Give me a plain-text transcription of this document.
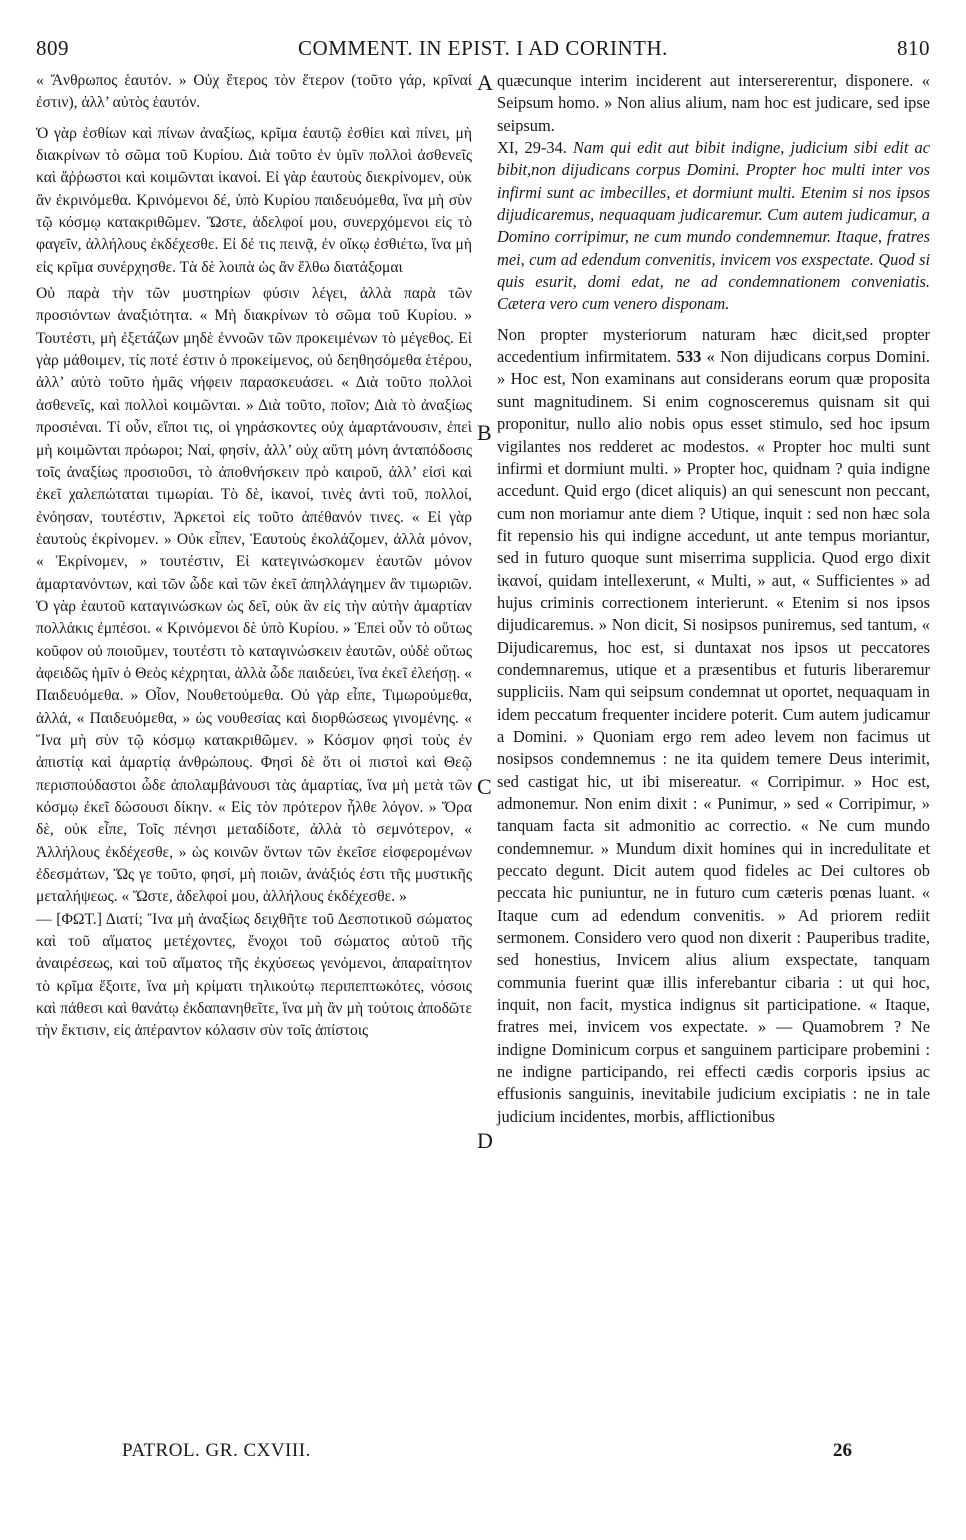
809	COMMENT. IN EPIST. I AD CORINTH.	810

« Ἄνθρωπος ἑαυτόν. » Οὐχ ἕτερος τὸν ἕτερον (τοῦτο γάρ, κρῖναί ἐστιν), ἀλλ’ αὐτὸς ἑαυτόν.

Ὁ γὰρ ἐσθίων καὶ πίνων ἀναξίως, κρῖμα ἑαυτῷ ἐσθίει καὶ πίνει, μὴ διακρίνων τὸ σῶμα τοῦ Κυρίου. Διὰ τοῦτο ἐν ὑμῖν πολλοὶ ἀσθενεῖς καὶ ἄῤῥωστοι καὶ κοιμῶνται ἱκανοί. Εἰ γὰρ ἑαυτοὺς διεκρίνομεν, οὐκ ἂν ἐκρινόμεθα. Κρινόμενοι δέ, ὑπὸ Κυρίου παιδευόμεθα, ἵνα μὴ σὺν τῷ κόσμῳ κατακριθῶμεν. Ὥστε, ἀδελφοί μου, συνερχόμενοι εἰς τὸ φαγεῖν, ἀλλήλους ἐκδέχεσθε. Εἰ δέ τις πεινᾷ, ἐν οἴκῳ ἐσθιέτω, ἵνα μὴ εἰς κρῖμα συνέρχησθε. Τὰ δὲ λοιπὰ ὡς ἂν ἔλθω διατάξομαι

Οὐ παρὰ τὴν τῶν μυστηρίων φύσιν λέγει, ἀλλὰ παρὰ τῶν προσιόντων ἀναξιότητα. « Μὴ διακρίνων τὸ σῶμα τοῦ Κυρίου. » Τουτέστι, μὴ ἐξετάζων μηδὲ ἐννοῶν τῶν προκειμένων τὸ μέγεθος. Εἰ γὰρ μάθοιμεν, τίς ποτέ ἐστιν ὁ προκείμενος, οὐ δεηθησόμεθα ἑτέρου, ἀλλ’ αὐτὸ τοῦτο ἡμᾶς νήφειν παρασκευάσει. « Διὰ τοῦτο πολλοὶ ἀσθενεῖς, καὶ πολλοὶ κοιμῶνται. » Διὰ τοῦτο, ποῖον; Διὰ τὸ ἀναξίως προσιέναι. Τί οὖν, εἴποι τις, οἱ γηράσκοντες οὐχ ἁμαρτάνουσιν, ἐπεὶ μὴ κοιμῶνται πρόωροι; Ναί, φησίν, ἀλλ’ οὐχ αὕτη μόνη ἀνταπόδοσις τοῖς ἀναξίως προσιοῦσι, τὸ ἀποθνήσκειν πρὸ καιροῦ, ἀλλ’ εἰσὶ καὶ ἐκεῖ χαλεπώταται τιμωρίαι. Τὸ δὲ, ἱκανοί, τινὲς ἀντὶ τοῦ, πολλοί, ἐνόησαν, τουτέστιν, Ἀρκετοὶ εἰς τοῦτο ἀπέθανόν τινες. « Εἰ γὰρ ἑαυτοὺς ἐκρίνομεν. » Οὐκ εἶπεν, Ἑαυτοὺς ἐκολάζομεν, ἀλλὰ μόνον, « Ἐκρίνομεν, » τουτέστιν, Εἰ κατεγινώσκομεν ἑαυτῶν μόνον ἁμαρτανόντων, καὶ τῶν ὧδε καὶ τῶν ἐκεῖ ἀπηλλάγημεν ἂν τιμωριῶν. Ὁ γὰρ ἑαυτοῦ καταγινώσκων ὡς δεῖ, οὐκ ἂν εἰς τὴν αὐτὴν ἁμαρτίαν πολλάκις ἐμπέσοι. « Κρινόμενοι δὲ ὑπὸ Κυρίου. » Ἐπεὶ οὖν τὸ οὕτως κοῦφον οὐ ποιοῦμεν, τουτέστι τὸ καταγινώσκειν ἑαυτῶν, οὐδὲ οὕτως ἀφειδῶς ἡμῖν ὁ Θεὸς κέχρηται, ἀλλὰ ὧδε παιδεύει, ἵνα ἐκεῖ ἐλεήσῃ. « Παιδευόμεθα. » Οἷον, Νουθετούμεθα. Οὐ γὰρ εἶπε, Τιμωρούμεθα, ἀλλά, « Παιδευόμεθα, » ὡς νουθεσίας καὶ διορθώσεως γινομένης. « Ἵνα μὴ σὺν τῷ κόσμῳ κατακριθῶμεν. » Κόσμον φησὶ τοὺς ἐν ἀπιστίᾳ καὶ ἁμαρτίᾳ ἀνθρώπους. Φησὶ δὲ ὅτι οἱ πιστοὶ καὶ Θεῷ περισπούδαστοι ὧδε ἀπολαμβάνουσι τὰς ἁμαρτίας, ἵνα μὴ μετὰ τῶν κόσμῳ ἐκεῖ δώσουσι δίκην. « Εἰς τὸν πρότερον ἦλθε λόγον. » Ὅρα δὲ, οὐκ εἶπε, Τοῖς πένησι μεταδίδοτε, ἀλλὰ τὸ σεμνότερον, « Ἀλλήλους ἐκδέχεσθε, » ὡς κοινῶν ὄντων τῶν ἐκεῖσε εἰσφερομένων ἐδεσμάτων, Ὥς γε τοῦτο, φησί, μὴ ποιῶν, ἀνάξιός ἐστι τῆς μυστικῆς μεταλήψεως. « Ὥστε, ἀδελφοί μου, ἀλλήλους ἐκδέχεσθε. »

— [ΦΩΤ.] Διατί; Ἵνα μὴ ἀναξίως δειχθῆτε τοῦ Δεσποτικοῦ σώματος καὶ τοῦ αἵματος μετέχοντες, ἔνοχοι τοῦ σώματος αὐτοῦ τῆς ἀναιρέσεως, καὶ τοῦ αἵματος τῆς ἐκχύσεως γενόμενοι, ἀπαραίτητον τὸ κρῖμα ἕξοιτε, ἵνα μὴ κρίματι τηλικούτῳ περιπεπτωκότες, νόσοις καὶ πάθεσι καὶ θανάτῳ ἐκδαπανηθεῖτε, ἵνα μὴ ἂν μὴ τούτοις ἀποδῶτε τὴν ἔκτισιν, εἰς ἀπέραντον κόλασιν σὺν τοῖς ἀπίστοις

A
B
C
D

quæcunque interim inciderent aut intersererentur, disponere. « Seipsum homo. » Non alius alium, nam hoc est judicare, sed ipse seipsum.

XI, 29-34. Nam qui edit aut bibit indigne, judicium sibi edit ac bibit,non dijudicans corpus Domini. Propter hoc multi inter vos infirmi sunt ac imbecilles, et dormiunt multi. Etenim si nos ipsos dijudicaremus, nequaquam judicaremur. Cum autem judicamur, a Domino corripimur, ne cum mundo condemnemur. Itaque, fratres mei, cum ad edendum convenitis, invicem vos exspectate. Quod si quis esurit, domi edat, ne ad condemnationem conveniatis. Cætera vero cum venero disponam.

Non propter mysteriorum naturam hæc dicit,sed propter accedentium infirmitatem. 533 « Non dijudicans corpus Domini. » Hoc est, Non examinans aut considerans eorum quæ proposita sunt magnitudinem. Si enim cognosceremus quisnam sit qui proponitur, nullo alio nobis opus esset stimulo, sed hoc ipsum vigilantes nos redderet ac modestos. « Propter hoc multi sunt infirmi et dormiunt multi. » Propter hoc, quidnam ? quia indigne accedunt. Quid ergo (dicet aliquis) an qui senescunt non peccant, cum non moriamur ante diem ? Utique, inquit : sed non hæc sola fit repensio his qui indigne accedunt, ut ante tempus moriantur, sed in futuro quoque sunt miserrima supplicia. Quod ergo dixit ἱκανοί, quidam intellexerunt, « Multi, » aut, « Sufficientes » ad hujus criminis correctionem interierunt. « Etenim si nos ipsos dijudicaremus. » Non dicit, Si nosipsos puniremus, sed tantum, « Dijudicaremus, hoc est, si duntaxat nos ipsos ut peccatores condemnaremus, utique et a præsentibus et futuris liberaremur suppliciis. Nam qui seipsum condemnat ut oportet, nequaquam in idem peccatum frequenter incidere poterit. Cum autem judicamur a Domini. » Quoniam ergo rem adeo levem non facimus ut nosipsos condemnemus : ne ita quidem temere Deus interimit, sed castigat hic, ut ibi misereatur. « Corripimur. » Hoc est, admonemur. Non enim dixit : « Punimur, » sed « Corripimur, » tanquam facta sit admonitio ac correctio. « Ne cum mundo condemnemur. » Mundum dixit homines qui in incredulitate et peccato degunt. Dicit autem quod fideles ac Dei cultores ob peccata hic puniuntur, ne in futuro cum cæteris pœnas luant. « Itaque cum ad edendum convenitis. » Ad priorem rediit sermonem. Considero vero quod non dixerit : Pauperibus tradite, sed honestius, Invicem alius alium exspectate, tanquam communia fuerint quæ illis inferebantur cibaria : ut qui hoc, inquit, non facit, mystica indignus sit participatione. « Itaque, fratres mei, invicem vos expectate. » — Quamobrem ? Ne indigne Dominicum corpus et sanguinem participare probemini : ne indigne participando, rei effecti cædis corporis ipsius ac effusionis sanguinis, inevitabile judicium excipiatis : ne in tale judicium incidentes, morbis, afflictionibus

PATROL. GR. CXVIII.	26
